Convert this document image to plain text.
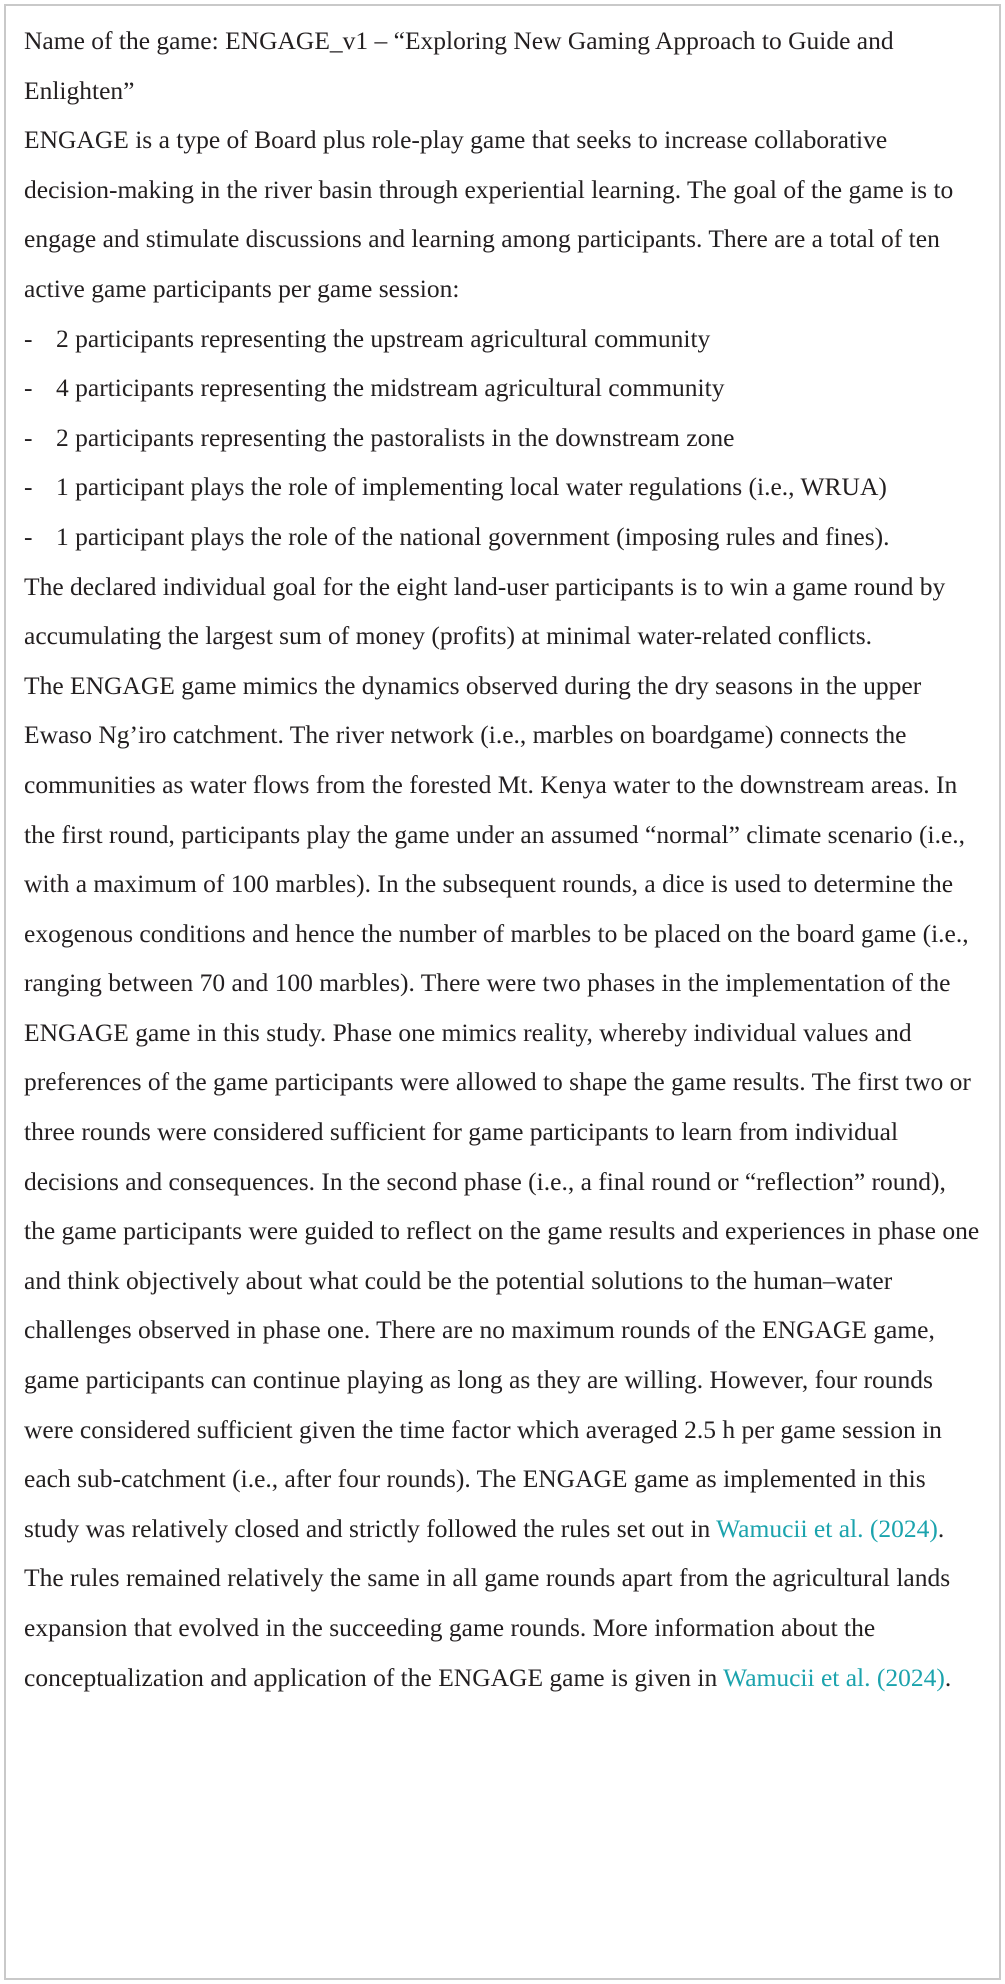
Name of the game: ENGAGE_v1 – “Exploring New Gaming Approach to Guide and Enlighten”

ENGAGE is a type of Board plus role-play game that seeks to increase collaborative decision-making in the river basin through experiential learning. The goal of the game is to engage and stimulate discussions and learning among participants. There are a total of ten active game participants per game session:

- 2 participants representing the upstream agricultural community
- 4 participants representing the midstream agricultural community
- 2 participants representing the pastoralists in the downstream zone
- 1 participant plays the role of implementing local water regulations (i.e., WRUA)
- 1 participant plays the role of the national government (imposing rules and fines).

The declared individual goal for the eight land-user participants is to win a game round by accumulating the largest sum of money (profits) at minimal water-related conflicts.

The ENGAGE game mimics the dynamics observed during the dry seasons in the upper Ewaso Ng’iro catchment. The river network (i.e., marbles on boardgame) connects the communities as water flows from the forested Mt. Kenya water to the downstream areas. In the first round, participants play the game under an assumed “normal” climate scenario (i.e., with a maximum of 100 marbles). In the subsequent rounds, a dice is used to determine the exogenous conditions and hence the number of marbles to be placed on the board game (i.e., ranging between 70 and 100 marbles). There were two phases in the implementation of the ENGAGE game in this study. Phase one mimics reality, whereby individual values and preferences of the game participants were allowed to shape the game results. The first two or three rounds were considered sufficient for game participants to learn from individual decisions and consequences. In the second phase (i.e., a final round or “reflection” round), the game participants were guided to reflect on the game results and experiences in phase one and think objectively about what could be the potential solutions to the human–water challenges observed in phase one. There are no maximum rounds of the ENGAGE game, game participants can continue playing as long as they are willing. However, four rounds were considered sufficient given the time factor which averaged 2.5 h per game session in each sub-catchment (i.e., after four rounds). The ENGAGE game as implemented in this study was relatively closed and strictly followed the rules set out in Wamucii et al. (2024). The rules remained relatively the same in all game rounds apart from the agricultural lands expansion that evolved in the succeeding game rounds. More information about the conceptualization and application of the ENGAGE game is given in Wamucii et al. (2024).
